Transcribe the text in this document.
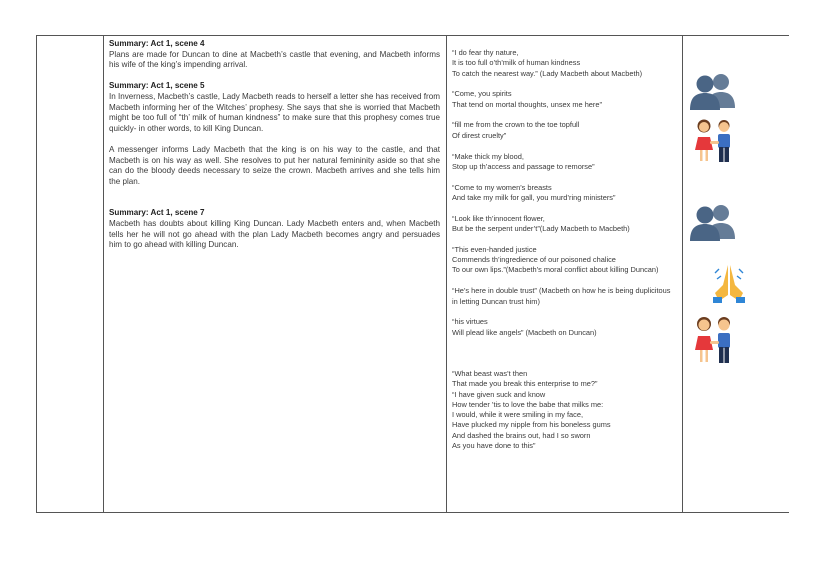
Summary: Act 1, scene 4
Plans are made for Duncan to dine at Macbeth’s castle that evening, and Macbeth informs his wife of the king’s impending arrival.
Summary: Act 1, scene 5
In Inverness, Macbeth’s castle, Lady Macbeth reads to herself a letter she has received from Macbeth informing her of the Witches’ prophesy. She says that she is worried that Macbeth might be too full of “th’ milk of human kindness” to make sure that this prophesy comes true quickly- in other words, to kill King Duncan.
A messenger informs Lady Macbeth that the king is on his way to the castle, and that Macbeth is on his way as well. She resolves to put her natural femininity aside so that she can do the bloody deeds necessary to seize the crown. Macbeth arrives and she tells him the plan.
Summary: Act 1, scene 7
Macbeth has doubts about killing King Duncan. Lady Macbeth enters and, when Macbeth tells her he will not go ahead with the plan Lady Macbeth becomes angry and persuades him to go ahead with killing Duncan.
“I do fear thy nature,
It is too full o’th’milk of human kindness
To catch the nearest way.” (Lady Macbeth about Macbeth)
“Come, you spirits
That tend on mortal thoughts, unsex me here”
“fill me from the crown to the toe topfull
Of direst cruelty”
“Make thick my blood,
Stop up th’access and passage to remorse”
“Come to my women’s breasts
And take my milk for gall, you murd’ring ministers”
“Look like th’innocent flower,
But be the serpent under’t”(Lady Macbeth to Macbeth)
“This even-handed justice
Commends th’ingredience of our poisoned chalice
To our own lips.”(Macbeth’s moral conflict about killing Duncan)
“He’s here in double trust” (Macbeth on how he is being duplicitous in letting Duncan trust him)
“his virtues
Will plead like angels” (Macbeth on Duncan)
“What beast was’t then
That made you break this enterprise to me?”
“I have given suck and know
How tender ’tis to love the babe that milks me:
I would, while it were smiling in my face,
Have plucked my nipple from his boneless gums
And dashed the brains out, had I so sworn
As you have done to this”
